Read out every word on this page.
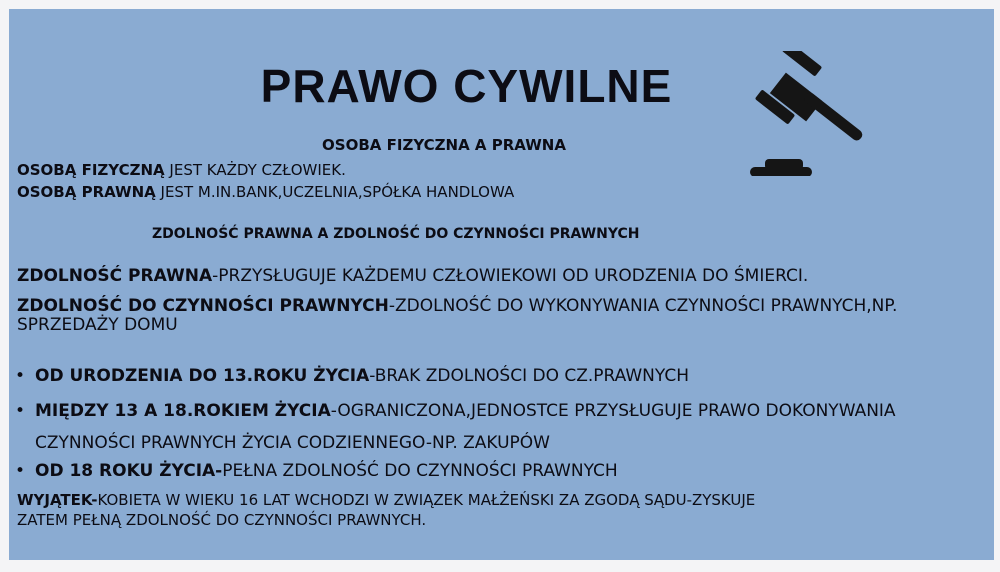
PRAWO CYWILNE

OSOBA FIZYCZNA A PRAWNA

OSOBĄ FIZYCZNĄ JEST KAŻDY CZŁOWIEK.

OSOBĄ PRAWNĄ JEST M.IN.BANK,UCZELNIA,SPÓŁKA HANDLOWA

ZDOLNOŚĆ PRAWNA A ZDOLNOŚĆ DO CZYNNOŚCI PRAWNYCH

ZDOLNOŚĆ PRAWNA-PRZYSŁUGUJE KAŻDEMU CZŁOWIEKOWI OD URODZENIA DO ŚMIERCI.

ZDOLNOŚĆ DO CZYNNOŚCI PRAWNYCH-ZDOLNOŚĆ DO WYKONYWANIA CZYNNOŚCI PRAWNYCH,NP.

SPRZEDAŻY DOMU

• OD URODZENIA DO 13.ROKU ŻYCIA-BRAK ZDOLNOŚCI DO CZ.PRAWNYCH

• MIĘDZY 13 A 18.ROKIEM ŻYCIA-OGRANICZONA,JEDNOSTCE PRZYSŁUGUJE PRAWO DOKONYWANIA

CZYNNOŚCI PRAWNYCH ŻYCIA CODZIENNEGO-NP. ZAKUPÓW

• OD 18 ROKU ŻYCIA-PEŁNA ZDOLNOŚĆ DO CZYNNOŚCI PRAWNYCH

WYJĄTEK-KOBIETA W WIEKU 16 LAT WCHODZI W ZWIĄZEK MAŁŻEŃSKI ZA ZGODĄ SĄDU-ZYSKUJE

ZATEM PEŁNĄ ZDOLNOŚĆ DO CZYNNOŚCI PRAWNYCH.
